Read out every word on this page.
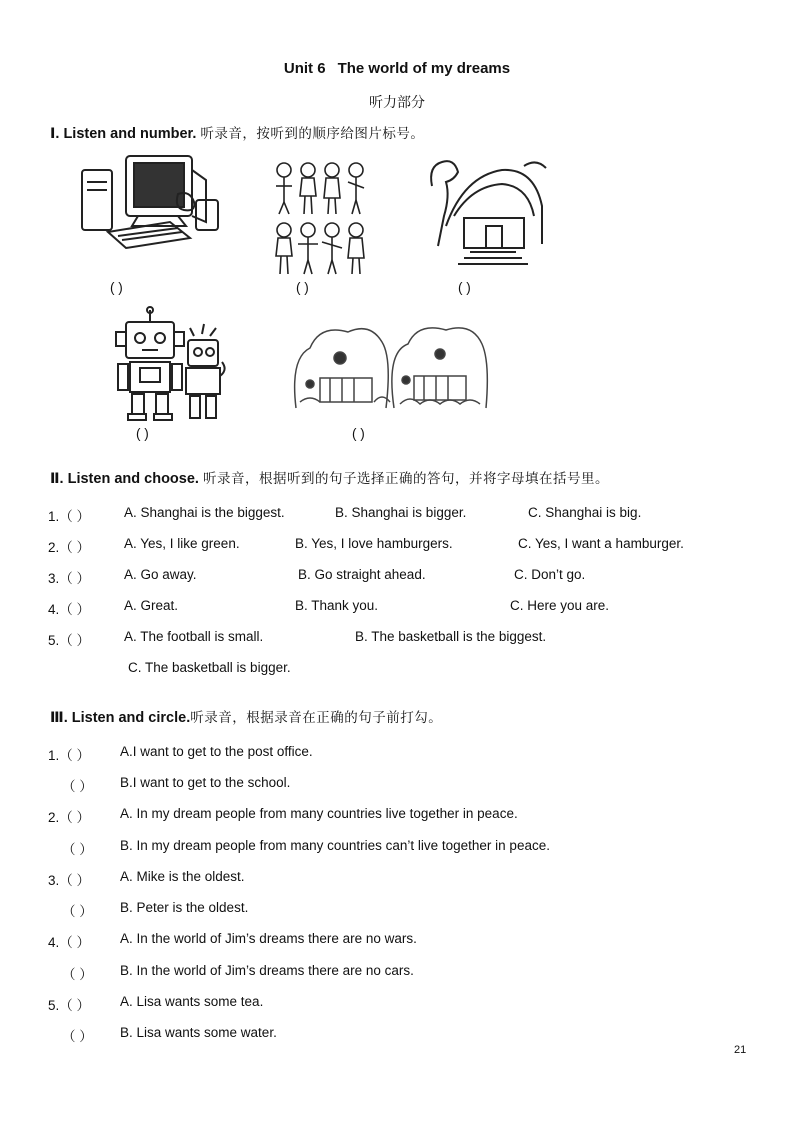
Unit 6 The world of my dreams
听力部分
Ⅰ. Listen and number. 听录音，按听到的顺序给图片标号。
( )	( )	( )
( )	( )
Ⅱ. Listen and choose. 听录音，根据听到的句子选择正确的答句，并将字母填在括号里。
1.（ ）	A. Shanghai is the biggest.	B. Shanghai is bigger.	C. Shanghai is big.
2.（ ）	A. Yes, I like green.	B. Yes, I love hamburgers.	C. Yes, I want a hamburger.
3.（ ）	A. Go away.	B. Go straight ahead.	C. Don’t go.
4.（ ）	A. Great.	B. Thank you.	C. Here you are.
5.（ ）	A. The football is small.	B. The basketball is the biggest.
C. The basketball is bigger.
Ⅲ. Listen and circle.听录音，根据录音在正确的句子前打勾。
1.（ ） A.I want to get to the post office.
（ ） B.I want to get to the school.
2.（ ） A. In my dream people from many countries live together in peace.
（ ） B. In my dream people from many countries can’t live together in peace.
3.（ ） A. Mike is the oldest.
（ ） B. Peter is the oldest.
4.（ ） A. In the world of Jim’s dreams there are no wars.
（ ） B. In the world of Jim’s dreams there are no cars.
5.（ ） A. Lisa wants some tea.
（ ） B. Lisa wants some water.
21
